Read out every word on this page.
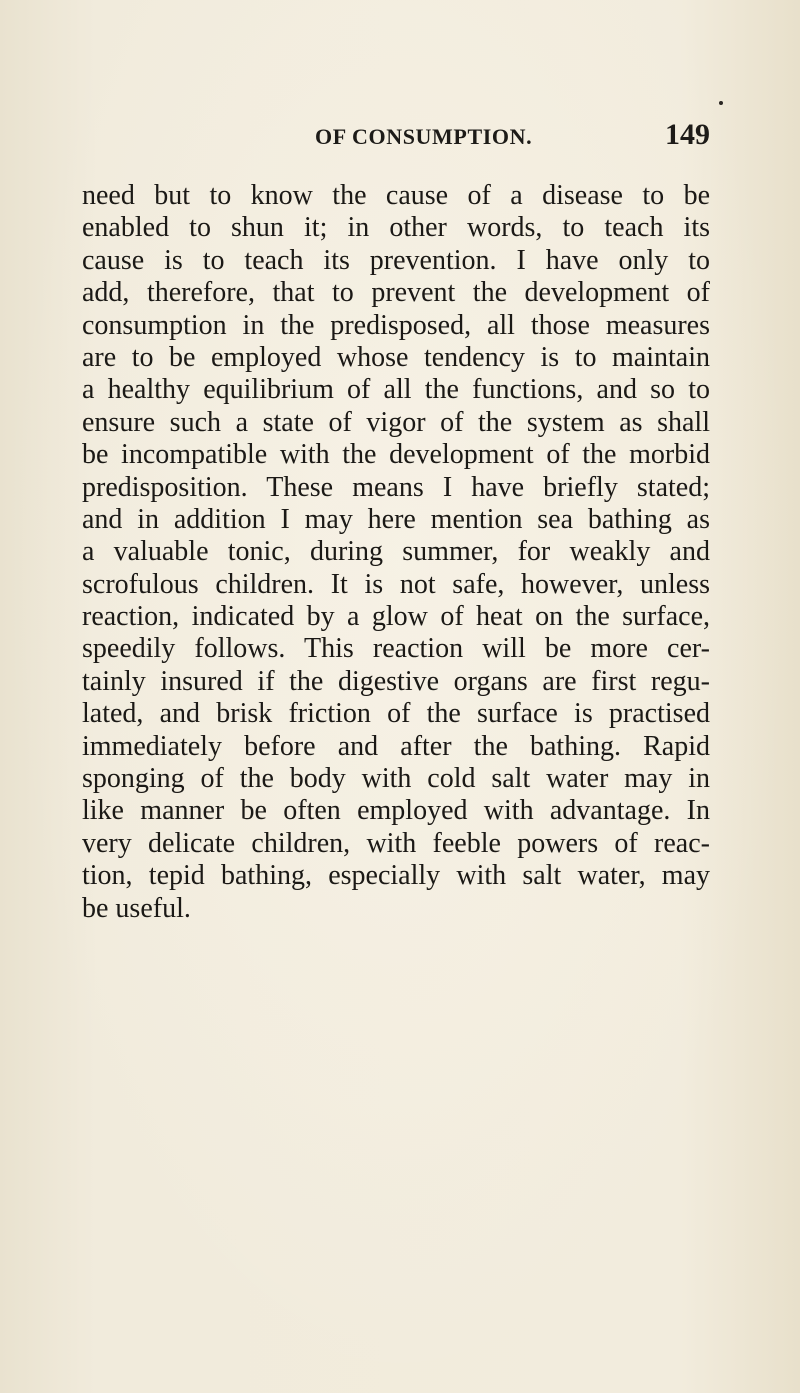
OF CONSUMPTION.	149
need but to know the cause of a disease to be
enabled to shun it; in other words, to teach its
cause is to teach its prevention. I have only to
add, therefore, that to prevent the development of
consumption in the predisposed, all those measures
are to be employed whose tendency is to maintain
a healthy equilibrium of all the functions, and so to
ensure such a state of vigor of the system as shall
be incompatible with the development of the morbid
predisposition. These means I have briefly stated;
and in addition I may here mention sea bathing as
a valuable tonic, during summer, for weakly and
scrofulous children. It is not safe, however, unless
reaction, indicated by a glow of heat on the surface,
speedily follows. This reaction will be more cer-
tainly insured if the digestive organs are first regu-
lated, and brisk friction of the surface is practised
immediately before and after the bathing. Rapid
sponging of the body with cold salt water may in
like manner be often employed with advantage. In
very delicate children, with feeble powers of reac-
tion, tepid bathing, especially with salt water, may
be useful.
